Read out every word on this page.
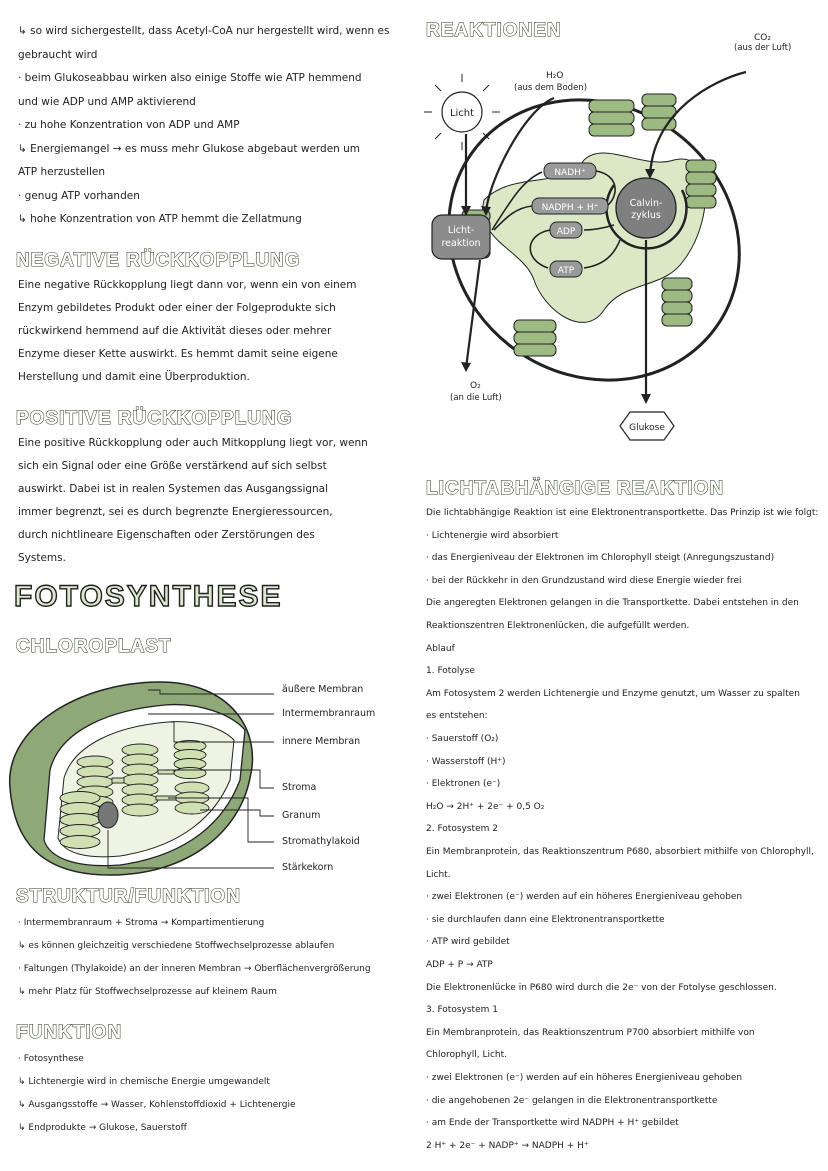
↳ so wird sichergestellt, dass Acetyl-CoA nur hergestellt wird, wenn es
gebraucht wird
· beim Glukoseabbau wirken also einige Stoffe wie ATP hemmend
und wie ADP und AMP aktivierend
· zu hohe Konzentration von ADP und AMP
↳ Energiemangel → es muss mehr Glukose abgebaut werden um
ATP herzustellen
· genug ATP vorhanden
↳ hohe Konzentration von ATP hemmt die Zellatmung
NEGATIVE RÜCKKOPPLUNG
Eine negative Rückkopplung liegt dann vor, wenn ein von einem
Enzym gebildetes Produkt oder einer der Folgeprodukte sich
rückwirkend hemmend auf die Aktivität dieses oder mehrer
Enzyme dieser Kette auswirkt. Es hemmt damit seine eigene
Herstellung und damit eine Überproduktion.
POSITIVE RÜCKKOPPLUNG
Eine positive Rückkopplung oder auch Mitkopplung liegt vor, wenn
sich ein Signal oder eine Größe verstärkend auf sich selbst
auswirkt. Dabei ist in realen Systemen das Ausgangssignal
immer begrenzt, sei es durch begrenzte Energieressourcen,
durch nichtlineare Eigenschaften oder Zerstörungen des
Systems.
FOTOSYNTHESE
CHLOROPLAST
äußere Membran
Intermembranraum
innere Membran
Stroma
Granum
Stromathylakoid
Stärkekorn
STRUKTUR/FUNKTION
· Intermembranraum + Stroma → Kompartimentierung
↳ es können gleichzeitig verschiedene Stoffwechselprozesse ablaufen
· Faltungen (Thylakoide) an der inneren Membran → Oberflächenvergrößerung
↳ mehr Platz für Stoffwechselprozesse auf kleinem Raum
FUNKTION
· Fotosynthese
↳ Lichtenergie wird in chemische Energie umgewandelt
↳ Ausgangsstoffe → Wasser, Kohlenstoffdioxid + Lichtenergie
↳ Endprodukte → Glukose, Sauerstoff
REAKTIONEN
Licht
Licht-
reaktion
Calvin-
zyklus
NADH⁺
NADPH + H⁺
ADP
ATP
CO₂
(aus der Luft)
H₂O
(aus dem Boden)
O₂
(an die Luft)
Glukose
LICHTABHÄNGIGE REAKTION
Die lichtabhängige Reaktion ist eine Elektronentransportkette. Das Prinzip ist wie folgt:
· Lichtenergie wird absorbiert
· das Energieniveau der Elektronen im Chlorophyll steigt (Anregungszustand)
· bei der Rückkehr in den Grundzustand wird diese Energie wieder frei
Die angeregten Elektronen gelangen in die Transportkette. Dabei entstehen in den
Reaktionszentren Elektronenlücken, die aufgefüllt werden.
Ablauf
1. Fotolyse
Am Fotosystem 2 werden Lichtenergie und Enzyme genutzt, um Wasser zu spalten
es entstehen:
· Sauerstoff (O₂)
· Wasserstoff (H⁺)
· Elektronen (e⁻)
H₂O → 2H⁺ + 2e⁻ + 0,5 O₂
2. Fotosystem 2
Ein Membranprotein, das Reaktionszentrum P680, absorbiert mithilfe von Chlorophyll,
Licht.
· zwei Elektronen (e⁻) werden auf ein höheres Energieniveau gehoben
· sie durchlaufen dann eine Elektronentransportkette
· ATP wird gebildet
ADP + P → ATP
Die Elektronenlücke in P680 wird durch die 2e⁻ von der Fotolyse geschlossen.
3. Fotosystem 1
Ein Membranprotein, das Reaktionszentrum P700 absorbiert mithilfe von
Chlorophyll, Licht.
· zwei Elektronen (e⁻) werden auf ein höheres Energieniveau gehoben
· die angehobenen 2e⁻ gelangen in die Elektronentransportkette
· am Ende der Transportkette wird NADPH + H⁺ gebildet
2 H⁺ + 2e⁻ + NADP⁺ → NADPH + H⁺
